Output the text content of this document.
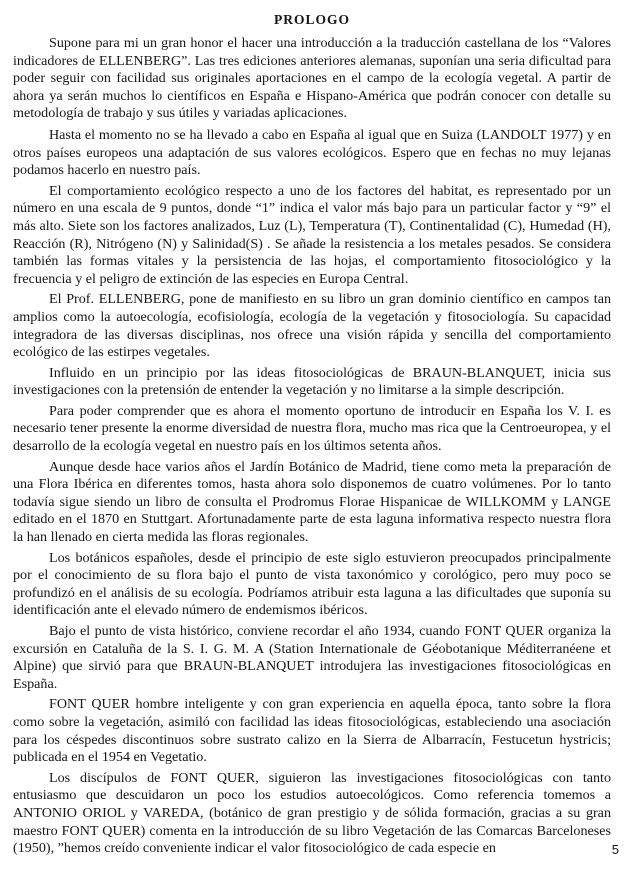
PROLOGO

Supone para mi un gran honor el hacer una introducción a la traducción castellana de los “Valores indicadores de ELLENBERG”. Las tres ediciones anteriores alemanas, suponían una seria dificultad para poder seguir con facilidad sus originales aportaciones en el campo de la ecología vegetal. A partir de ahora ya serán muchos lo científicos en España e Hispano-América que podrán conocer con detalle su metodología de trabajo y sus útiles y variadas aplicaciones.

Hasta el momento no se ha llevado a cabo en España al igual que en Suiza (LANDOLT 1977) y en otros países europeos una adaptación de sus valores ecológicos. Espero que en fechas no muy lejanas podamos hacerlo en nuestro país.

El comportamiento ecológico respecto a uno de los factores del habitat, es representado por un número en una escala de 9 puntos, donde “1” indica el valor más bajo para un particular factor y “9” el más alto. Siete son los factores analizados, Luz (L), Temperatura (T), Continentalidad (C), Humedad (H), Reacción (R), Nitrógeno (N) y Salinidad(S) . Se añade la resistencia a los metales pesados. Se considera también las formas vitales y la persistencia de las hojas, el comportamiento fitosociológico y la frecuencia y el peligro de extinción de las especies en Europa Central.

El Prof. ELLENBERG, pone de manifiesto en su libro un gran dominio científico en campos tan amplios como la autoecología, ecofisiología, ecología de la vegetación y fitosociología. Su capacidad integradora de las diversas disciplinas, nos ofrece una visión rápida y sencilla del comportamiento ecológico de las estirpes vegetales.

Influido en un principio por las ideas fitosociológicas de BRAUN-BLANQUET, inicia sus investigaciones con la pretensión de entender la vegetación y no limitarse a la simple descripción.

Para poder comprender que es ahora el momento oportuno de introducir en España los V. I. es necesario tener presente la enorme diversidad de nuestra flora, mucho mas rica que la Centroeuropea, y el desarrollo de la ecología vegetal en nuestro país en los últimos setenta años.

Aunque desde hace varios años el Jardín Botánico de Madrid, tiene como meta la preparación de una Flora Ibérica en diferentes tomos, hasta ahora solo disponemos de cuatro volúmenes. Por lo tanto todavía sigue siendo un libro de consulta el Prodromus Florae Hispanicae de WILLKOMM y LANGE editado en el 1870 en Stuttgart. Afortunadamente parte de esta laguna informativa respecto nuestra flora la han llenado en cierta medida las floras regionales.

Los botánicos españoles, desde el principio de este siglo estuvieron preocupados principalmente por el conocimiento de su flora bajo el punto de vista taxonómico y corológico, pero muy poco se profundizó en el análisis de su ecología. Podríamos atribuir esta laguna a las dificultades que suponía su identificación ante el elevado número de endemismos ibéricos.

Bajo el punto de vista histórico, conviene recordar el año 1934, cuando FONT QUER organiza la excursión en Cataluña de la S. I. G. M. A (Station Internationale de Géobotanique Méditerranéene et Alpine) que sirvió para que BRAUN-BLANQUET introdujera las investigaciones fitosociológicas en España.

FONT QUER hombre inteligente y con gran experiencia en aquella época, tanto sobre la flora como sobre la vegetación, asimiló con facilidad las ideas fitosociológicas, estableciendo una asociación para los céspedes discontinuos sobre sustrato calizo en la Sierra de Albarracín, Festucetun hystricis; publicada en el 1954 en Vegetatio.

Los discípulos de FONT QUER, siguieron las investigaciones fitosociológicas con tanto entusiasmo que descuidaron un poco los estudios autoecológicos. Como referencia tomemos a ANTONIO ORIOL y VAREDA, (botánico de gran prestigio y de sólida formación, gracias a su gran maestro FONT QUER) comenta en la introducción de su libro Vegetación de las Comarcas Barceloneses (1950), ”hemos creído conveniente indicar el valor fitosociológico de cada especie en	5
